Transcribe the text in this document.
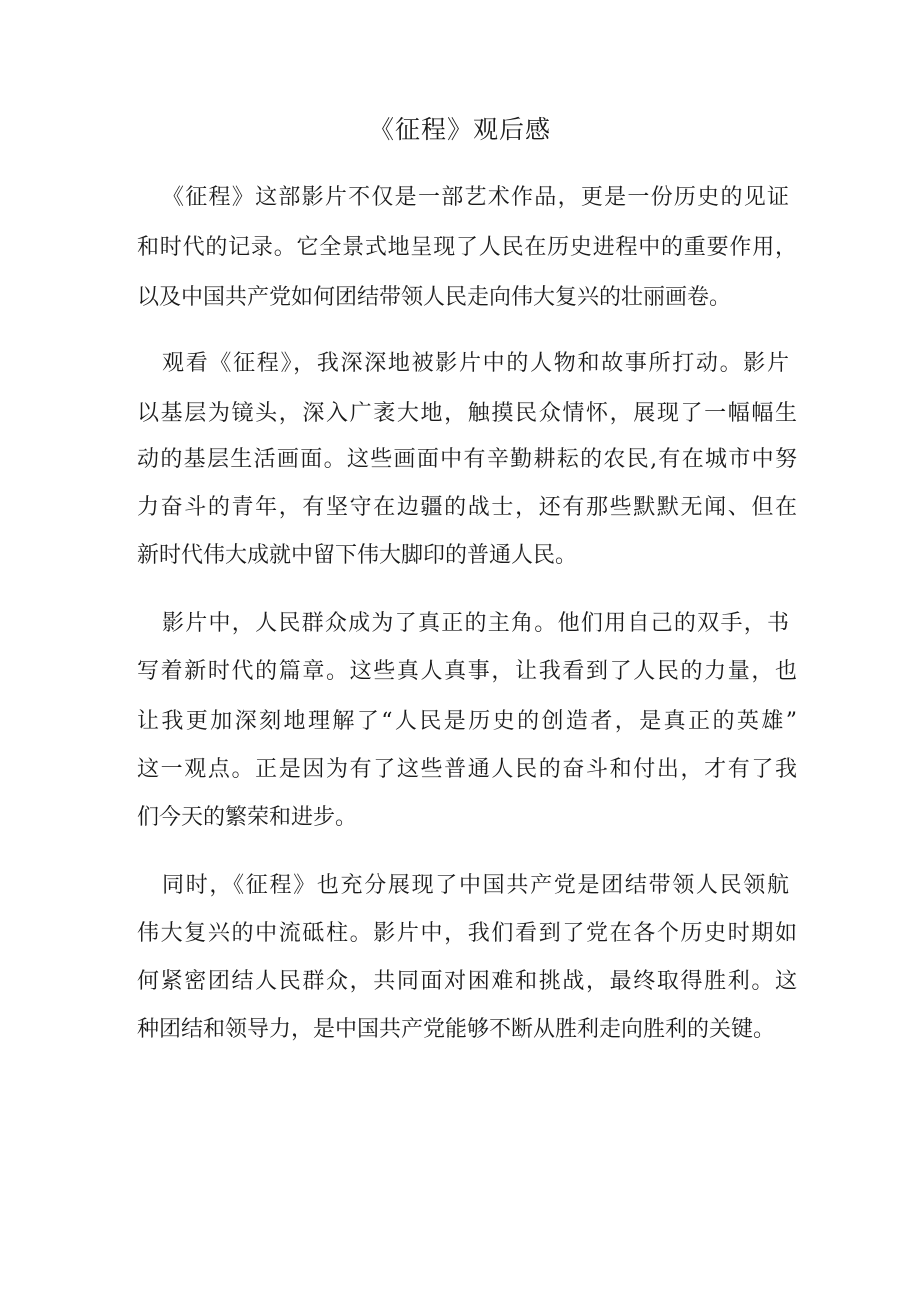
《征程》观后感
《征程》这部影片不仅是一部艺术作品，更是一份历史的见证
和时代的记录。它全景式地呈现了人民在历史进程中的重要作用，
以及中国共产党如何团结带领人民走向伟大复兴的壮丽画卷。
观看《征程》，我深深地被影片中的人物和故事所打动。影片
以基层为镜头，深入广袤大地，触摸民众情怀，展现了一幅幅生
动的基层生活画面。这些画面中有辛勤耕耘的农民,有在城市中努
力奋斗的青年，有坚守在边疆的战士，还有那些默默无闻、但在
新时代伟大成就中留下伟大脚印的普通人民。
影片中，人民群众成为了真正的主角。他们用自己的双手，书
写着新时代的篇章。这些真人真事，让我看到了人民的力量，也
让我更加深刻地理解了“人民是历史的创造者，是真正的英雄”
这一观点。正是因为有了这些普通人民的奋斗和付出，才有了我
们今天的繁荣和进步。
同时，《征程》也充分展现了中国共产党是团结带领人民领航
伟大复兴的中流砥柱。影片中，我们看到了党在各个历史时期如
何紧密团结人民群众，共同面对困难和挑战，最终取得胜利。这
种团结和领导力，是中国共产党能够不断从胜利走向胜利的关键。
